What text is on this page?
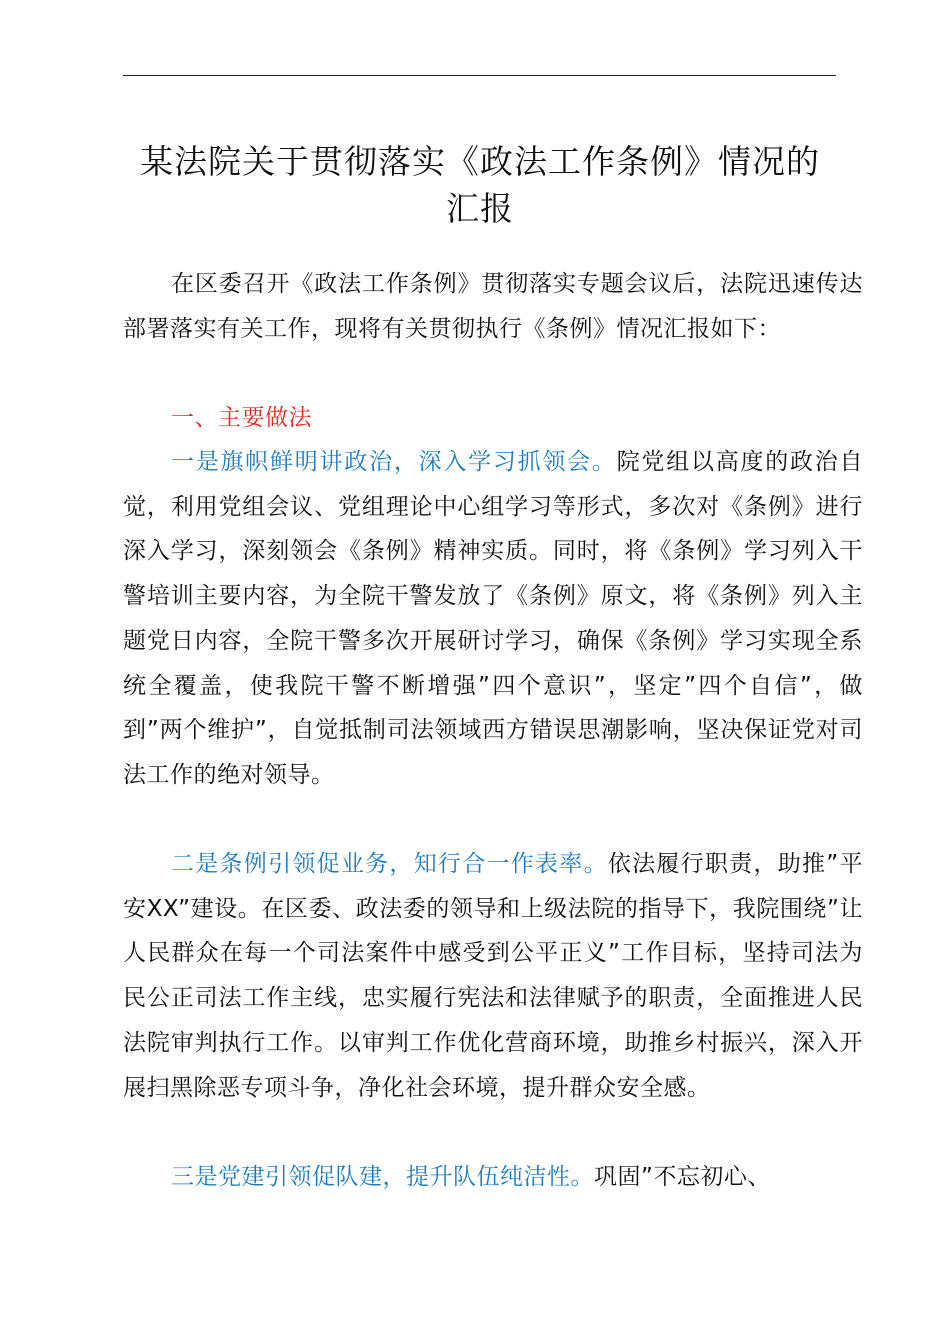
某法院关于贯彻落实《政法工作条例》情况的
汇报

在区委召开《政法工作条例》贯彻落实专题会议后，法院迅速传达部署落实有关工作，现将有关贯彻执行《条例》情况汇报如下：

一、主要做法

一是旗帜鲜明讲政治，深入学习抓领会。院党组以高度的政治自觉，利用党组会议、党组理论中心组学习等形式，多次对《条例》进行深入学习，深刻领会《条例》精神实质。同时，将《条例》学习列入干警培训主要内容，为全院干警发放了《条例》原文，将《条例》列入主题党日内容，全院干警多次开展研讨学习，确保《条例》学习实现全系统全覆盖，使我院干警不断增强”四个意识”，坚定”四个自信”，做到”两个维护”，自觉抵制司法领域西方错误思潮影响，坚决保证党对司法工作的绝对领导。

二是条例引领促业务，知行合一作表率。依法履行职责，助推”平安XX”建设。在区委、政法委的领导和上级法院的指导下，我院围绕”让人民群众在每一个司法案件中感受到公平正义”工作目标，坚持司法为民公正司法工作主线，忠实履行宪法和法律赋予的职责，全面推进人民法院审判执行工作。以审判工作优化营商环境，助推乡村振兴，深入开展扫黑除恶专项斗争，净化社会环境，提升群众安全感。

三是党建引领促队建，提升队伍纯洁性。巩固”不忘初心、
